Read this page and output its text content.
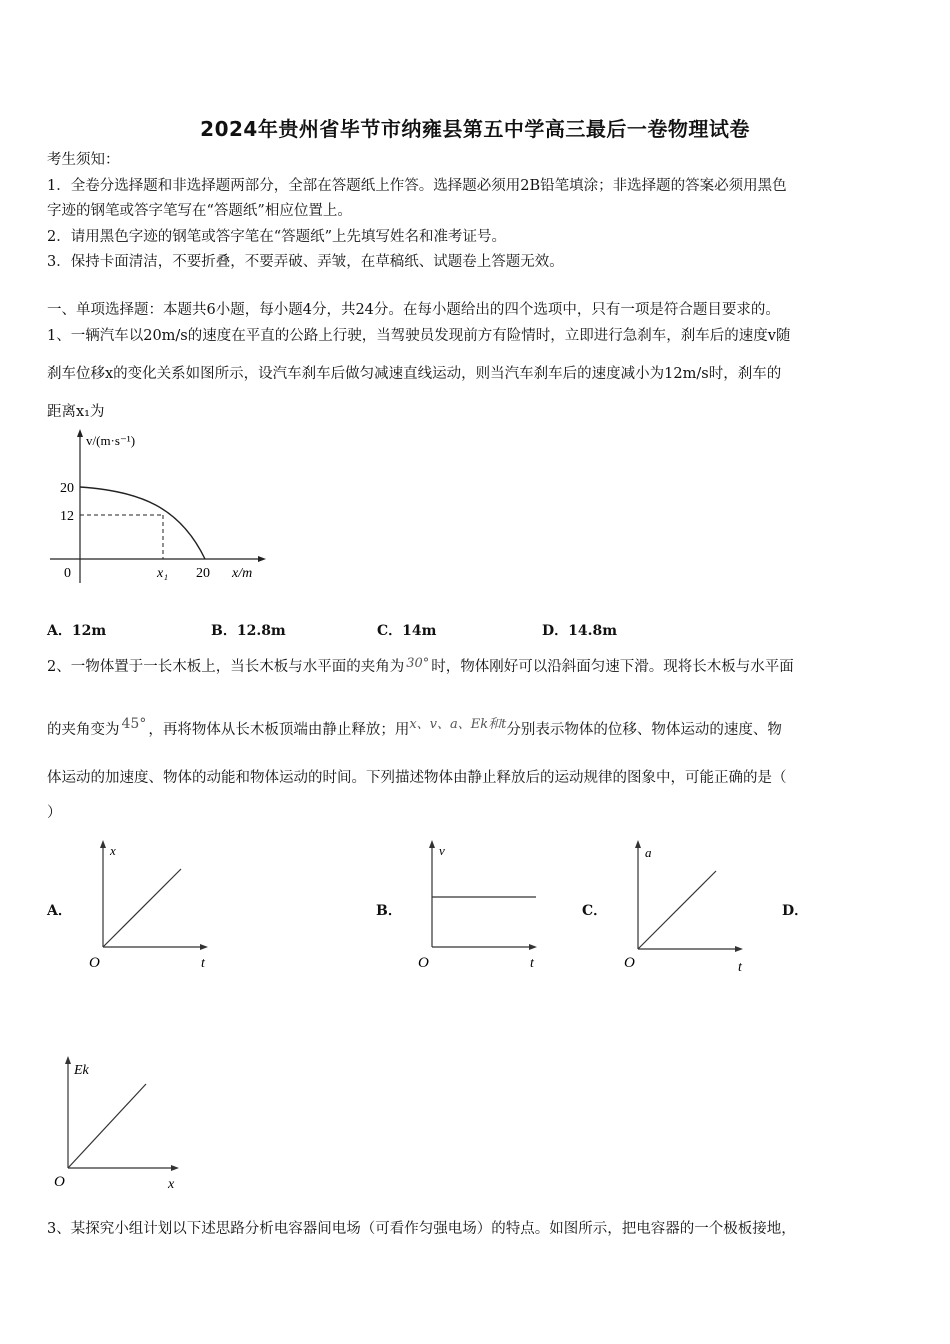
2024年贵州省毕节市纳雍县第五中学高三最后一卷物理试卷
考生须知：
1．全卷分选择题和非选择题两部分，全部在答题纸上作答。选择题必须用2B铅笔填涂；非选择题的答案必须用黑色
字迹的钢笔或答字笔写在“答题纸”相应位置上。
2．请用黑色字迹的钢笔或答字笔在“答题纸”上先填写姓名和准考证号。
3．保持卡面清洁，不要折叠，不要弄破、弄皱，在草稿纸、试题卷上答题无效。
一、单项选择题：本题共6小题，每小题4分，共24分。在每小题给出的四个选项中，只有一项是符合题目要求的。
1、一辆汽车以20m/s的速度在平直的公路上行驶，当驾驶员发现前方有险情时，立即进行急刹车，刹车后的速度v随
刹车位移x的变化关系如图所示，设汽车刹车后做匀减速直线运动，则当汽车刹车后的速度减小为12m/s时，刹车的
距离x₁为
v/(m·s⁻¹)
20
12
0	x₁ 20 x/m
A．12m	B．12.8m	C．14m	D．14.8m
2、一物体置于一长木板上，当长木板与水平面的夹角为 30° 时，物体刚好可以沿斜面匀速下滑。现将长木板与水平面
的夹角变为 45° ，再将物体从长木板顶端由静止释放；用x、v、a、Ek和t分别表示物体的位移、物体运动的速度、物
体运动的加速度、物体的动能和物体运动的时间。下列描述物体由静止释放后的运动规律的图象中，可能正确的是（
）
A．
x
O	t
B．
v
O	t
C．
a
O	t
D．
Ek
O	x
3、某探究小组计划以下述思路分析电容器间电场（可看作匀强电场）的特点。如图所示，把电容器的一个极板接地，
